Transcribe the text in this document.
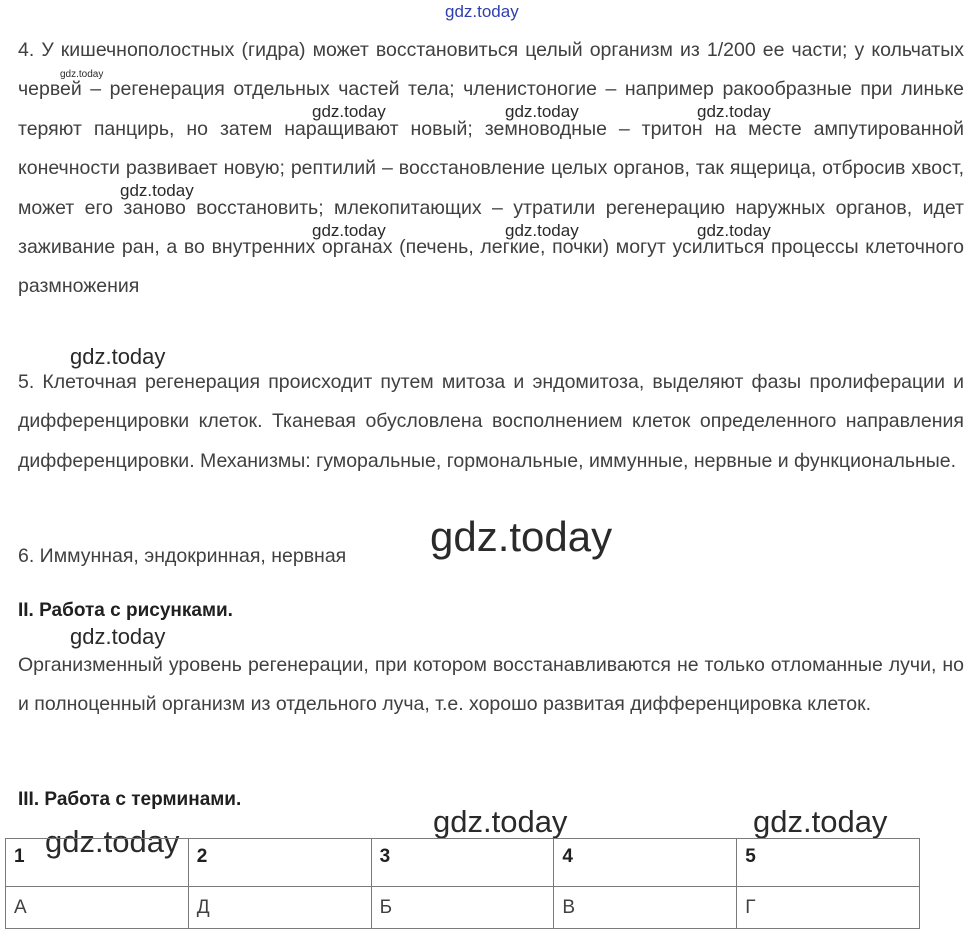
gdz.today
gdz.today
gdz.today	gdz.today	gdz.today
gdz.today
gdz.today	gdz.today	gdz.today
gdz.today
gdz.today
gdz.today
gdz.today	gdz.today
gdz.today

4. У кишечнополостных (гидра) может восстановиться целый организм из 1/200 ее части; у кольчатых червей – регенерация отдельных частей тела; членистоногие – например ракообразные при линьке теряют панцирь, но затем наращивают новый; земноводные – тритон на месте ампутированной конечности развивает новую; рептилий – восстановление целых органов, так ящерица, отбросив хвост, может его заново восстановить; млекопитающих – утратили регенерацию наружных органов, идет заживание ран, а во внутренних органах (печень, легкие, почки) могут усилиться процессы клеточного размножения

5. Клеточная регенерация происходит путем митоза и эндомитоза, выделяют фазы пролиферации и дифференцировки клеток. Тканевая обусловлена восполнением клеток определенного направления дифференцировки. Механизмы: гуморальные, гормональные, иммунные, нервные и функциональные.

6. Иммунная, эндокринная, нервная

II. Работа с рисунками.

Организменный уровень регенерации, при котором восстанавливаются не только отломанные лучи, но и полноценный организм из отдельного луча, т.е. хорошо развитая дифференцировка клеток.

III. Работа с терминами.
1	2	3	4	5
А	Д	Б	В	Г
